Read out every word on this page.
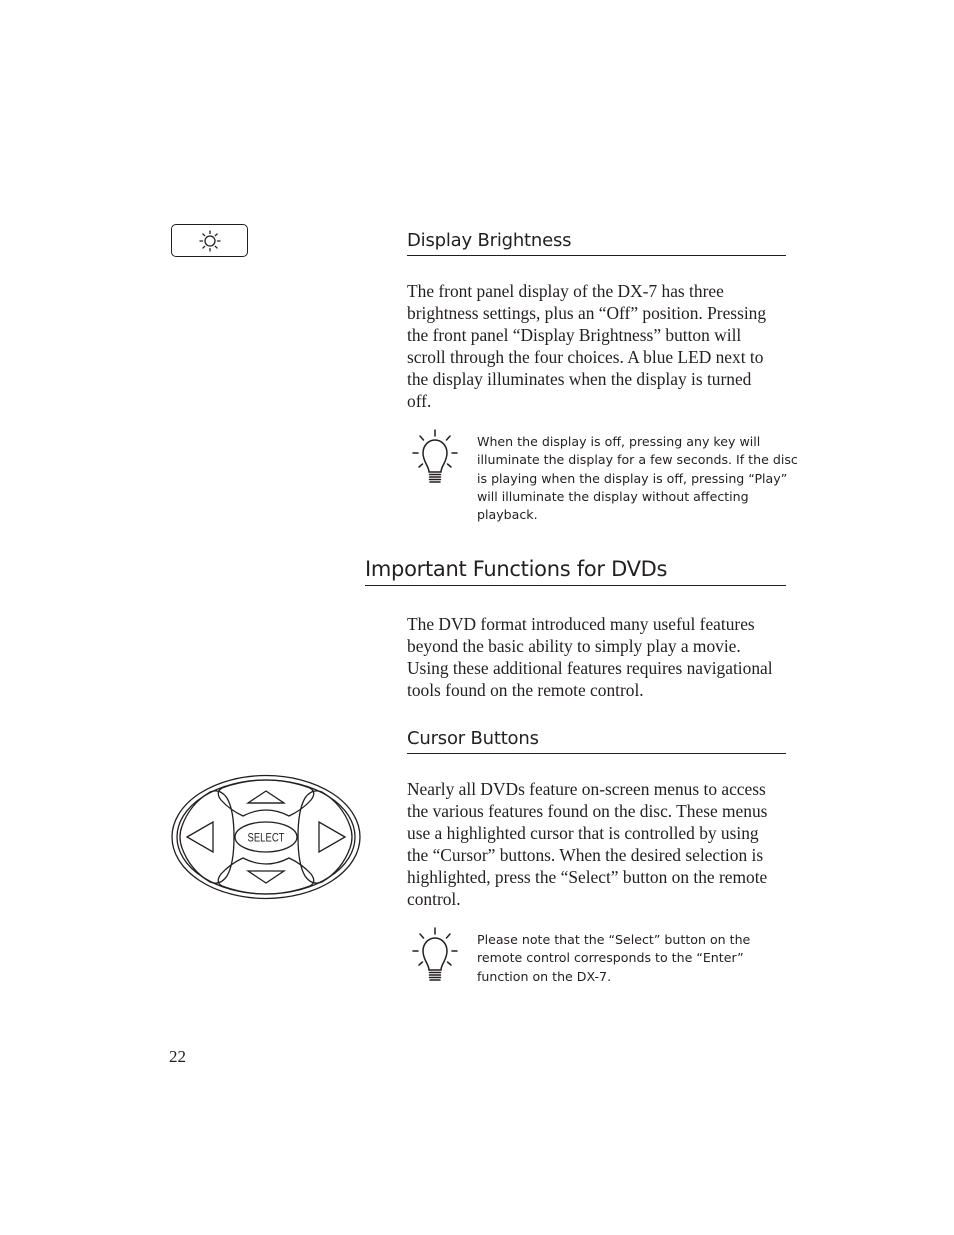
Display Brightness

The front panel display of the DX-7 has three
brightness settings, plus an “Off” position. Pressing
the front panel “Display Brightness” button will
scroll through the four choices. A blue LED next to
the display illuminates when the display is turned
off.

When the display is off, pressing any key will
illuminate the display for a few seconds. If the disc
is playing when the display is off, pressing “Play”
will illuminate the display without affecting
playback.

Important Functions for DVDs

The DVD format introduced many useful features
beyond the basic ability to simply play a movie.
Using these additional features requires navigational
tools found on the remote control.

Cursor Buttons
SELECT

Nearly all DVDs feature on-screen menus to access
the various features found on the disc. These menus
use a highlighted cursor that is controlled by using
the “Cursor” buttons. When the desired selection is
highlighted, press the “Select” button on the remote
control.

Please note that the “Select” button on the
remote control corresponds to the “Enter”
function on the DX-7.

22
